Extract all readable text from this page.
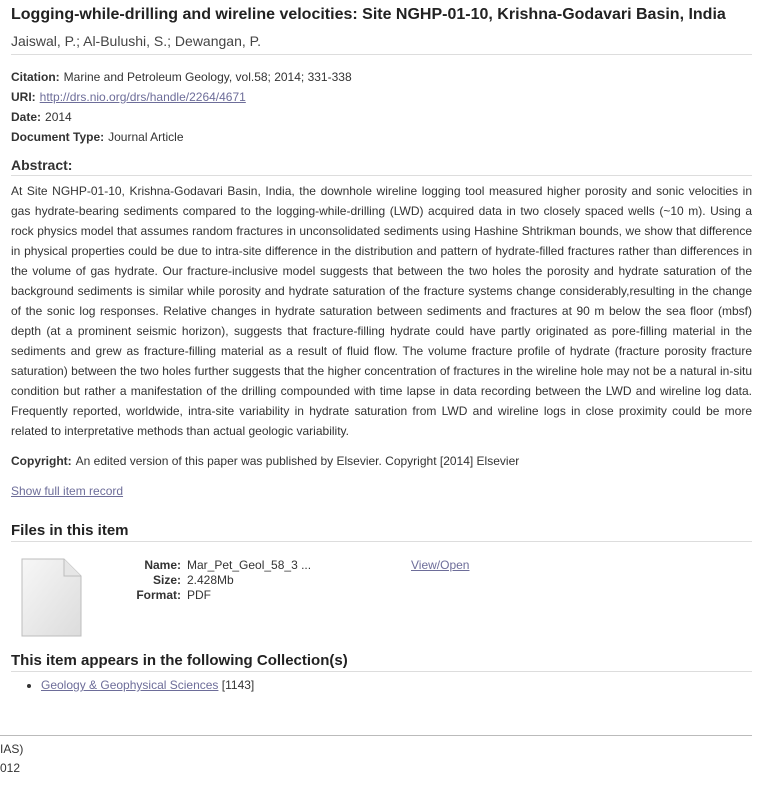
Logging-while-drilling and wireline velocities: Site NGHP-01-10, Krishna-Godavari Basin, India
Jaiswal, P.; Al-Bulushi, S.; Dewangan, P.
Citation: Marine and Petroleum Geology, vol.58; 2014; 331-338
URI: http://drs.nio.org/drs/handle/2264/4671
Date: 2014
Document Type: Journal Article
Abstract:
At Site NGHP-01-10, Krishna-Godavari Basin, India, the downhole wireline logging tool measured higher porosity and sonic velocities in gas hydrate-bearing sediments compared to the logging-while-drilling (LWD) acquired data in two closely spaced wells (~10 m). Using a rock physics model that assumes random fractures in unconsolidated sediments using Hashine Shtrikman bounds, we show that difference in physical properties could be due to intra-site difference in the distribution and pattern of hydrate-filled fractures rather than differences in the volume of gas hydrate. Our fracture-inclusive model suggests that between the two holes the porosity and hydrate saturation of the background sediments is similar while porosity and hydrate saturation of the fracture systems change considerably,resulting in the change of the sonic log responses. Relative changes in hydrate saturation between sediments and fractures at 90 m below the sea floor (mbsf) depth (at a prominent seismic horizon), suggests that fracture-filling hydrate could have partly originated as pore-filling material in the sediments and grew as fracture-filling material as a result of fluid flow. The volume fracture profile of hydrate (fracture porosity fracture saturation) between the two holes further suggests that the higher concentration of fractures in the wireline hole may not be a natural in-situ condition but rather a manifestation of the drilling compounded with time lapse in data recording between the LWD and wireline log data. Frequently reported, worldwide, intra-site variability in hydrate saturation from LWD and wireline logs in close proximity could be more related to interpretative methods than actual geologic variability.
Copyright: An edited version of this paper was published by Elsevier. Copyright [2014] Elsevier
Show full item record
Files in this item
Name: Mar_Pet_Geol_58_3 ...
Size: 2.428Mb
Format: PDF
View/Open
This item appears in the following Collection(s)
• Geology & Geophysical Sciences [1143]
IAS)
012
